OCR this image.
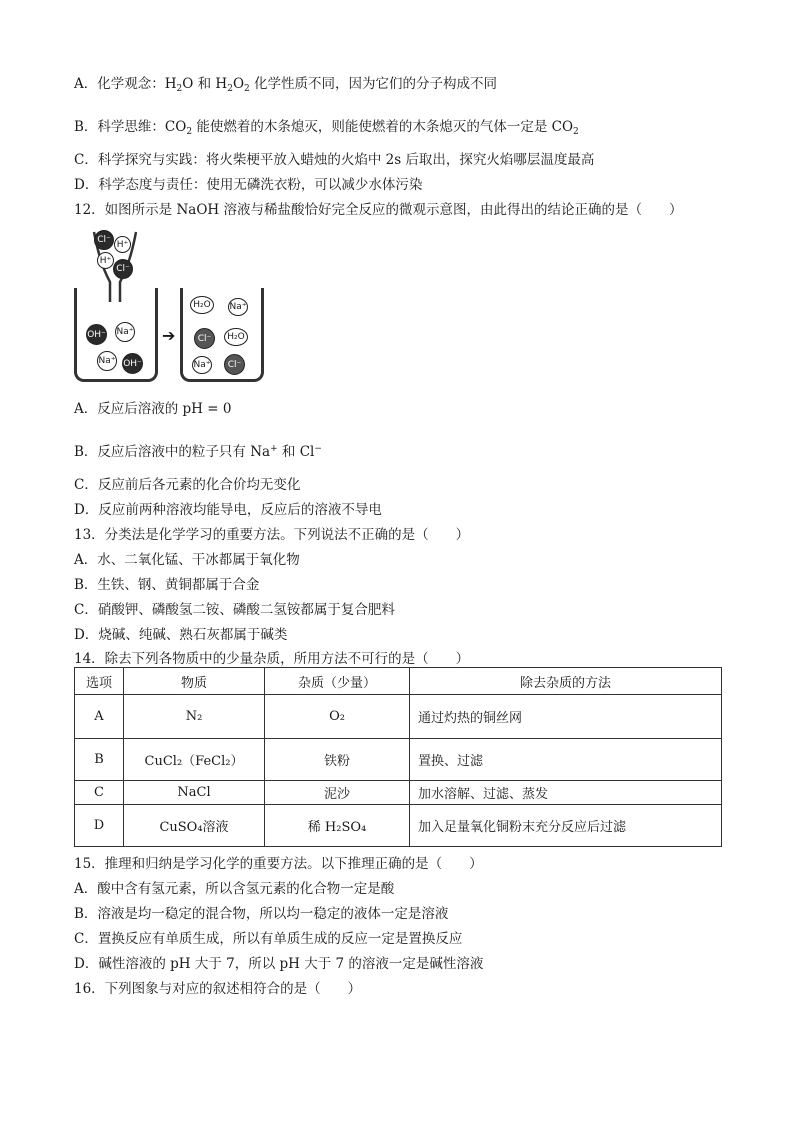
A．化学观念：$H_2O$ 和 $H_2O_2$ 化学性质不同，因为它们的分子构成不同
B．科学思维：$CO_2$ 能使燃着的木条熄灭，则能使燃着的木条熄灭的气体一定是 $CO_2$
C．科学探究与实践：将火柴梗平放入蜡烛的火焰中 2s 后取出，探究火焰哪层温度最高
D．科学态度与责任：使用无磷洗衣粉，可以减少水体污染
12．如图所示是 NaOH 溶液与稀盐酸恰好完全反应的微观示意图，由此得出的结论正确的是（　　）
Cl⁻ H⁺
H⁺
Cl⁻
OH⁻ Na⁺
Na⁺ OH⁻
➔
H₂O	Na⁺
Cl⁻	H₂O
Na⁺	Cl⁻
A．反应后溶液的 pH = 0
B．反应后溶液中的粒子只有 Na+ 和 Cl−
C．反应前后各元素的化合价均无变化
D．反应前两种溶液均能导电，反应后的溶液不导电
13．分类法是化学学习的重要方法。下列说法不正确的是（　　）
A．水、二氧化锰、干冰都属于氧化物
B．生铁、钢、黄铜都属于合金
C．硝酸钾、磷酸氢二铵、磷酸二氢铵都属于复合肥料
D．烧碱、纯碱、熟石灰都属于碱类
14．除去下列各物质中的少量杂质，所用方法不可行的是（　　）
选项	物质	杂质（少量）	除去杂质的方法
A	N₂	O₂	通过灼热的铜丝网
B	CuCl₂（FeCl₂）	铁粉	置换、过滤
C	NaCl	泥沙	加水溶解、过滤、蒸发
D	CuSO₄溶液	稀 H₂SO₄	加入足量氧化铜粉末充分反应后过滤
15．推理和归纳是学习化学的重要方法。以下推理正确的是（　　）
A．酸中含有氢元素，所以含氢元素的化合物一定是酸
B．溶液是均一稳定的混合物，所以均一稳定的液体一定是溶液
C．置换反应有单质生成，所以有单质生成的反应一定是置换反应
D．碱性溶液的 pH 大于 7，所以 pH 大于 7 的溶液一定是碱性溶液
16．下列图象与对应的叙述相符合的是（　　）
